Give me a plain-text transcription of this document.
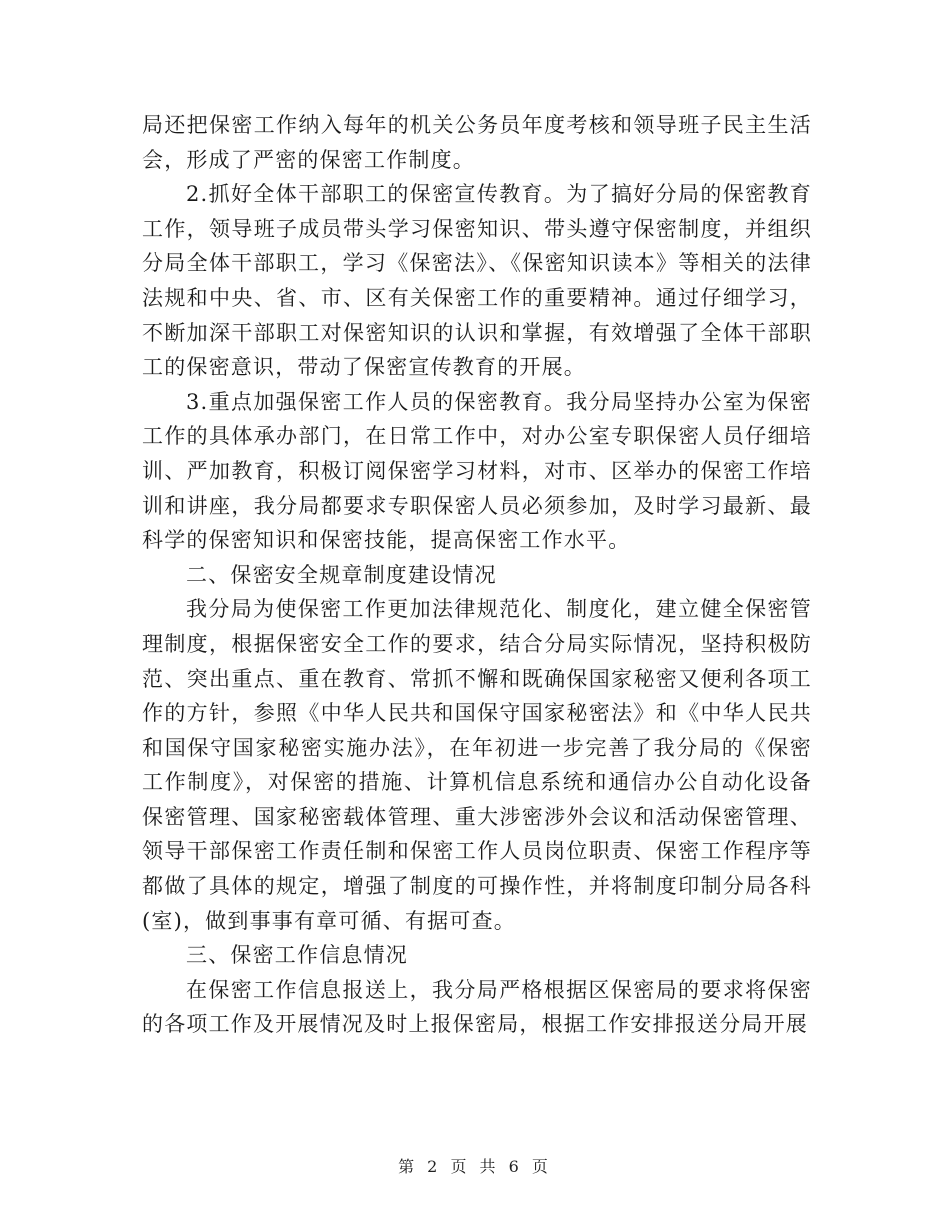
局还把保密工作纳入每年的机关公务员年度考核和领导班子民主生活会，形成了严密的保密工作制度。

2.抓好全体干部职工的保密宣传教育。为了搞好分局的保密教育工作，领导班子成员带头学习保密知识、带头遵守保密制度，并组织分局全体干部职工，学习《保密法》、《保密知识读本》等相关的法律法规和中央、省、市、区有关保密工作的重要精神。通过仔细学习，不断加深干部职工对保密知识的认识和掌握，有效增强了全体干部职工的保密意识，带动了保密宣传教育的开展。

3.重点加强保密工作人员的保密教育。我分局坚持办公室为保密工作的具体承办部门，在日常工作中，对办公室专职保密人员仔细培训、严加教育，积极订阅保密学习材料，对市、区举办的保密工作培训和讲座，我分局都要求专职保密人员必须参加，及时学习最新、最科学的保密知识和保密技能，提高保密工作水平。

二、保密安全规章制度建设情况

我分局为使保密工作更加法律规范化、制度化，建立健全保密管理制度，根据保密安全工作的要求，结合分局实际情况，坚持积极防范、突出重点、重在教育、常抓不懈和既确保国家秘密又便利各项工作的方针，参照《中华人民共和国保守国家秘密法》和《中华人民共和国保守国家秘密实施办法》，在年初进一步完善了我分局的《保密工作制度》，对保密的措施、计算机信息系统和通信办公自动化设备保密管理、国家秘密载体管理、重大涉密涉外会议和活动保密管理、领导干部保密工作责任制和保密工作人员岗位职责、保密工作程序等都做了具体的规定，增强了制度的可操作性，并将制度印制分局各科(室)，做到事事有章可循、有据可查。

三、保密工作信息情况

在保密工作信息报送上，我分局严格根据区保密局的要求将保密的各项工作及开展情况及时上报保密局，根据工作安排报送分局开展

第 2 页 共 6 页
